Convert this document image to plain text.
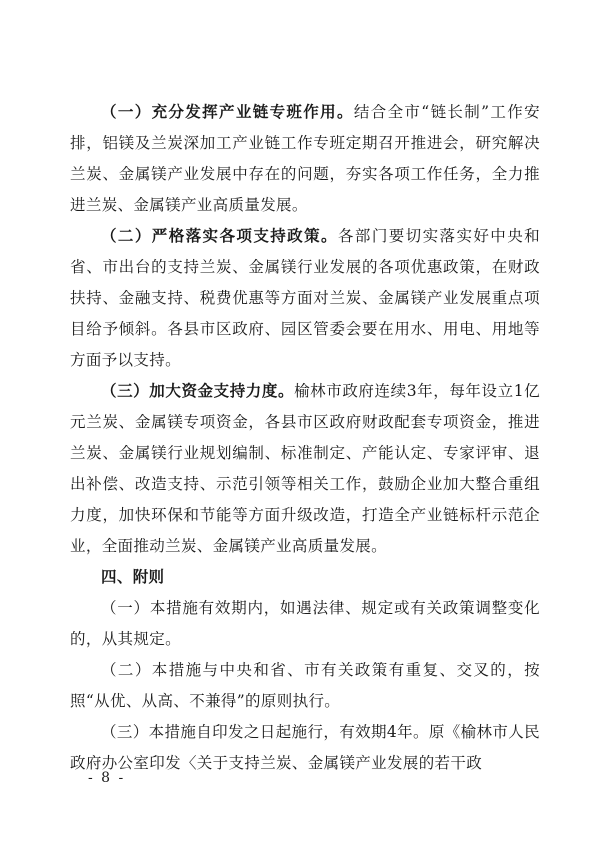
（一）充分发挥产业链专班作用。结合全市“链长制”工作安排，铝镁及兰炭深加工产业链工作专班定期召开推进会，研究解决兰炭、金属镁产业发展中存在的问题，夯实各项工作任务，全力推进兰炭、金属镁产业高质量发展。

（二）严格落实各项支持政策。各部门要切实落实好中央和省、市出台的支持兰炭、金属镁行业发展的各项优惠政策，在财政扶持、金融支持、税费优惠等方面对兰炭、金属镁产业发展重点项目给予倾斜。各县市区政府、园区管委会要在用水、用电、用地等方面予以支持。

（三）加大资金支持力度。榆林市政府连续3年，每年设立1亿元兰炭、金属镁专项资金，各县市区政府财政配套专项资金，推进兰炭、金属镁行业规划编制、标准制定、产能认定、专家评审、退出补偿、改造支持、示范引领等相关工作，鼓励企业加大整合重组力度，加快环保和节能等方面升级改造，打造全产业链标杆示范企业，全面推动兰炭、金属镁产业高质量发展。

四、附则

（一）本措施有效期内，如遇法律、规定或有关政策调整变化的，从其规定。

（二）本措施与中央和省、市有关政策有重复、交叉的，按照“从优、从高、不兼得”的原则执行。

（三）本措施自印发之日起施行，有效期4年。原《榆林市人民政府办公室印发〈关于支持兰炭、金属镁产业发展的若干政

- 8 -
